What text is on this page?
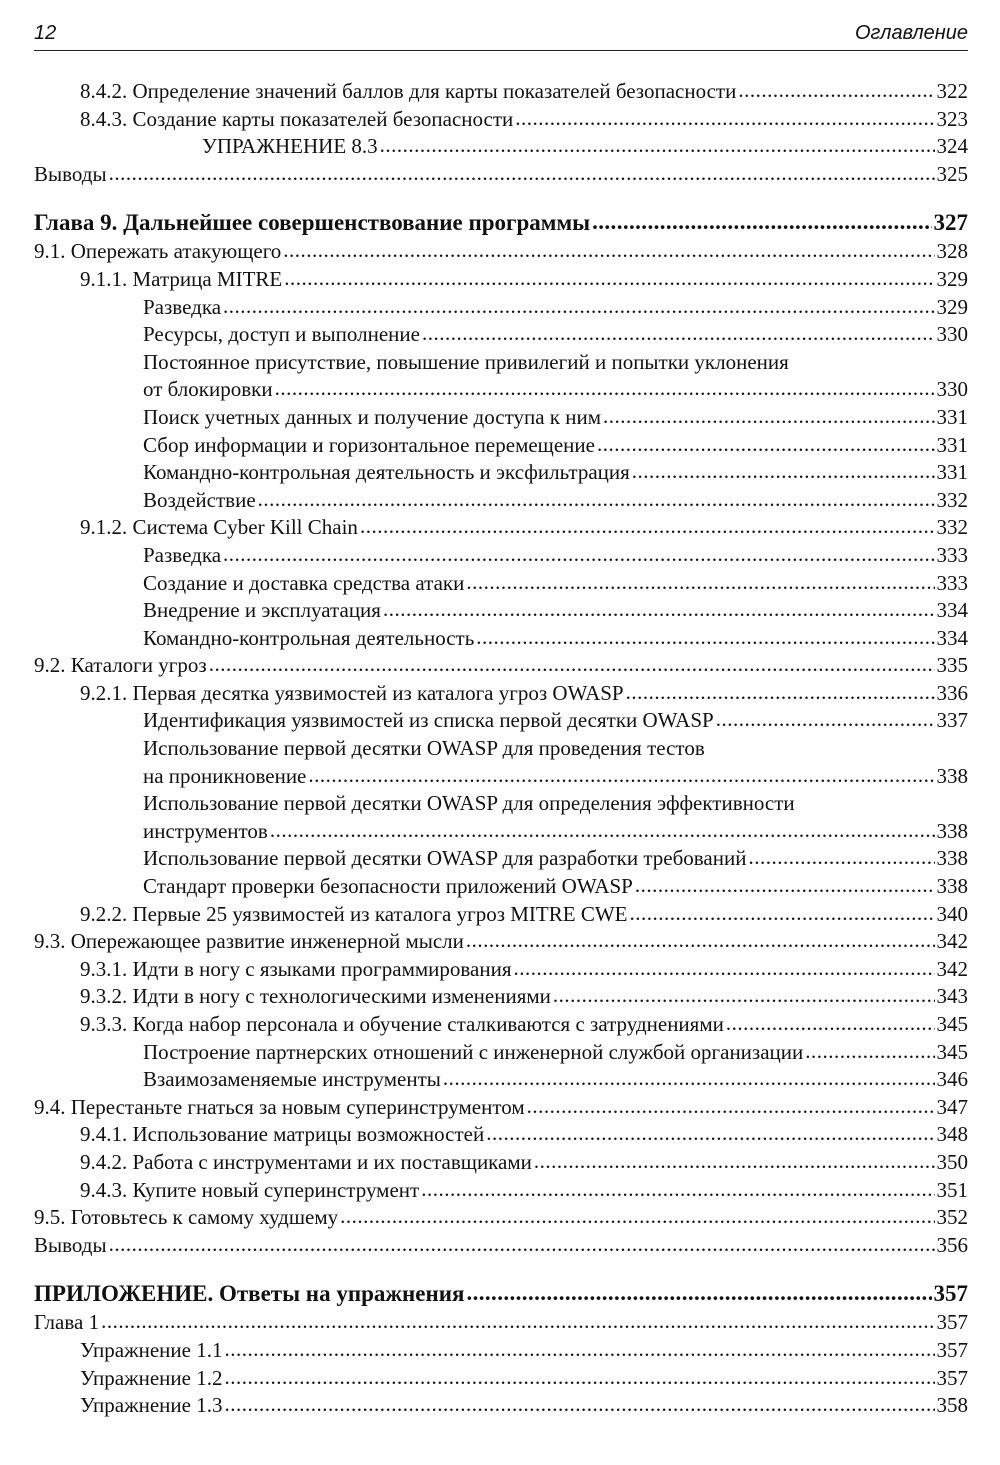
12	Оглавление
8.4.2. Определение значений баллов для карты показателей безопасности .....	322
8.4.3. Создание карты показателей безопасности .....	323
УПРАЖНЕНИЕ 8.3 .....	324
Выводы .....	325
Глава 9. Дальнейшее совершенствование программы .....	327
9.1. Опережать атакующего .....	328
9.1.1. Матрица MITRE .....	329
Разведка .....	329
Ресурсы, доступ и выполнение .....	330
Постоянное присутствие, повышение привилегий и попытки уклонения
от блокировки .....	330
Поиск учетных данных и получение доступа к ним .....	331
Сбор информации и горизонтальное перемещение .....	331
Командно-контрольная деятельность и эксфильтрация .....	331
Воздействие .....	332
9.1.2. Система Cyber Kill Chain .....	332
Разведка .....	333
Создание и доставка средства атаки .....	333
Внедрение и эксплуатация .....	334
Командно-контрольная деятельность .....	334
9.2. Каталоги угроз .....	335
9.2.1. Первая десятка уязвимостей из каталога угроз OWASP .....	336
Идентификация уязвимостей из списка первой десятки OWASP .....	337
Использование первой десятки OWASP для проведения тестов
на проникновение .....	338
Использование первой десятки OWASP для определения эффективности
инструментов .....	338
Использование первой десятки OWASP для разработки требований .....	338
Стандарт проверки безопасности приложений OWASP .....	338
9.2.2. Первые 25 уязвимостей из каталога угроз MITRE CWE .....	340
9.3. Опережающее развитие инженерной мысли .....	342
9.3.1. Идти в ногу с языками программирования .....	342
9.3.2. Идти в ногу с технологическими изменениями .....	343
9.3.3. Когда набор персонала и обучение сталкиваются с затруднениями .....	345
Построение партнерских отношений с инженерной службой организации .....	345
Взаимозаменяемые инструменты .....	346
9.4. Перестаньте гнаться за новым суперинструментом .....	347
9.4.1. Использование матрицы возможностей .....	348
9.4.2. Работа с инструментами и их поставщиками .....	350
9.4.3. Купите новый суперинструмент .....	351
9.5. Готовьтесь к самому худшему .....	352
Выводы .....	356
ПРИЛОЖЕНИЕ. Ответы на упражнения .....	357
Глава 1 .....	357
Упражнение 1.1 .....	357
Упражнение 1.2 .....	357
Упражнение 1.3 .....	358
